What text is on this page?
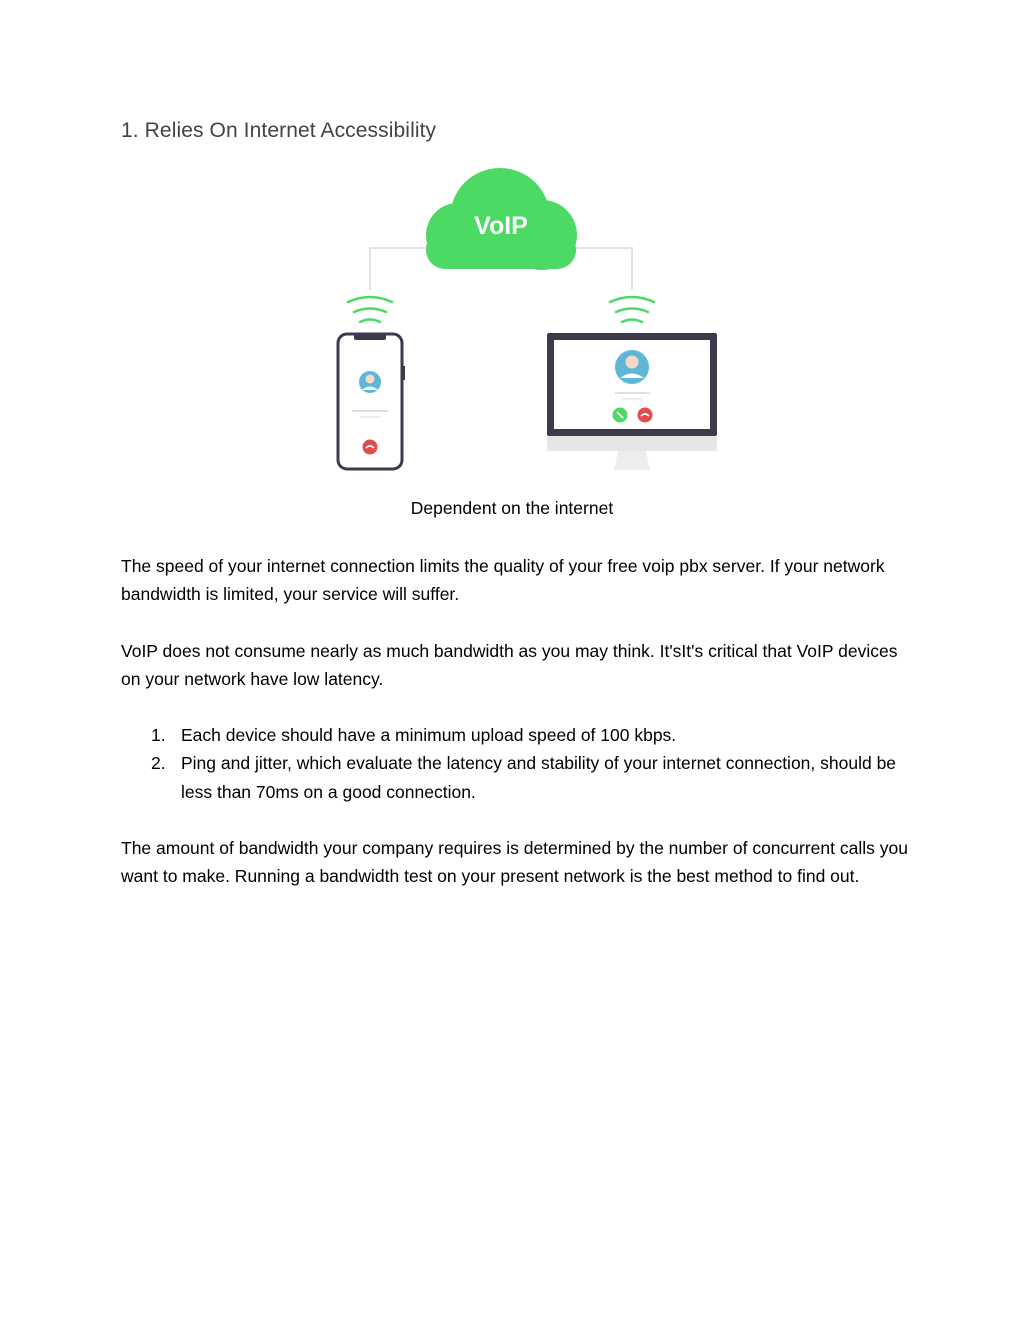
1. Relies On Internet Accessibility
VoIP
Dependent on the internet

The speed of your internet connection limits the quality of your free voip pbx server. If your network bandwidth is limited, your service will suffer.

VoIP does not consume nearly as much bandwidth as you may think. It'sIt's critical that VoIP devices on your network have low latency.

1. Each device should have a minimum upload speed of 100 kbps.
2. Ping and jitter, which evaluate the latency and stability of your internet connection, should be less than 70ms on a good connection.

The amount of bandwidth your company requires is determined by the number of concurrent calls you want to make. Running a bandwidth test on your present network is the best method to find out.
